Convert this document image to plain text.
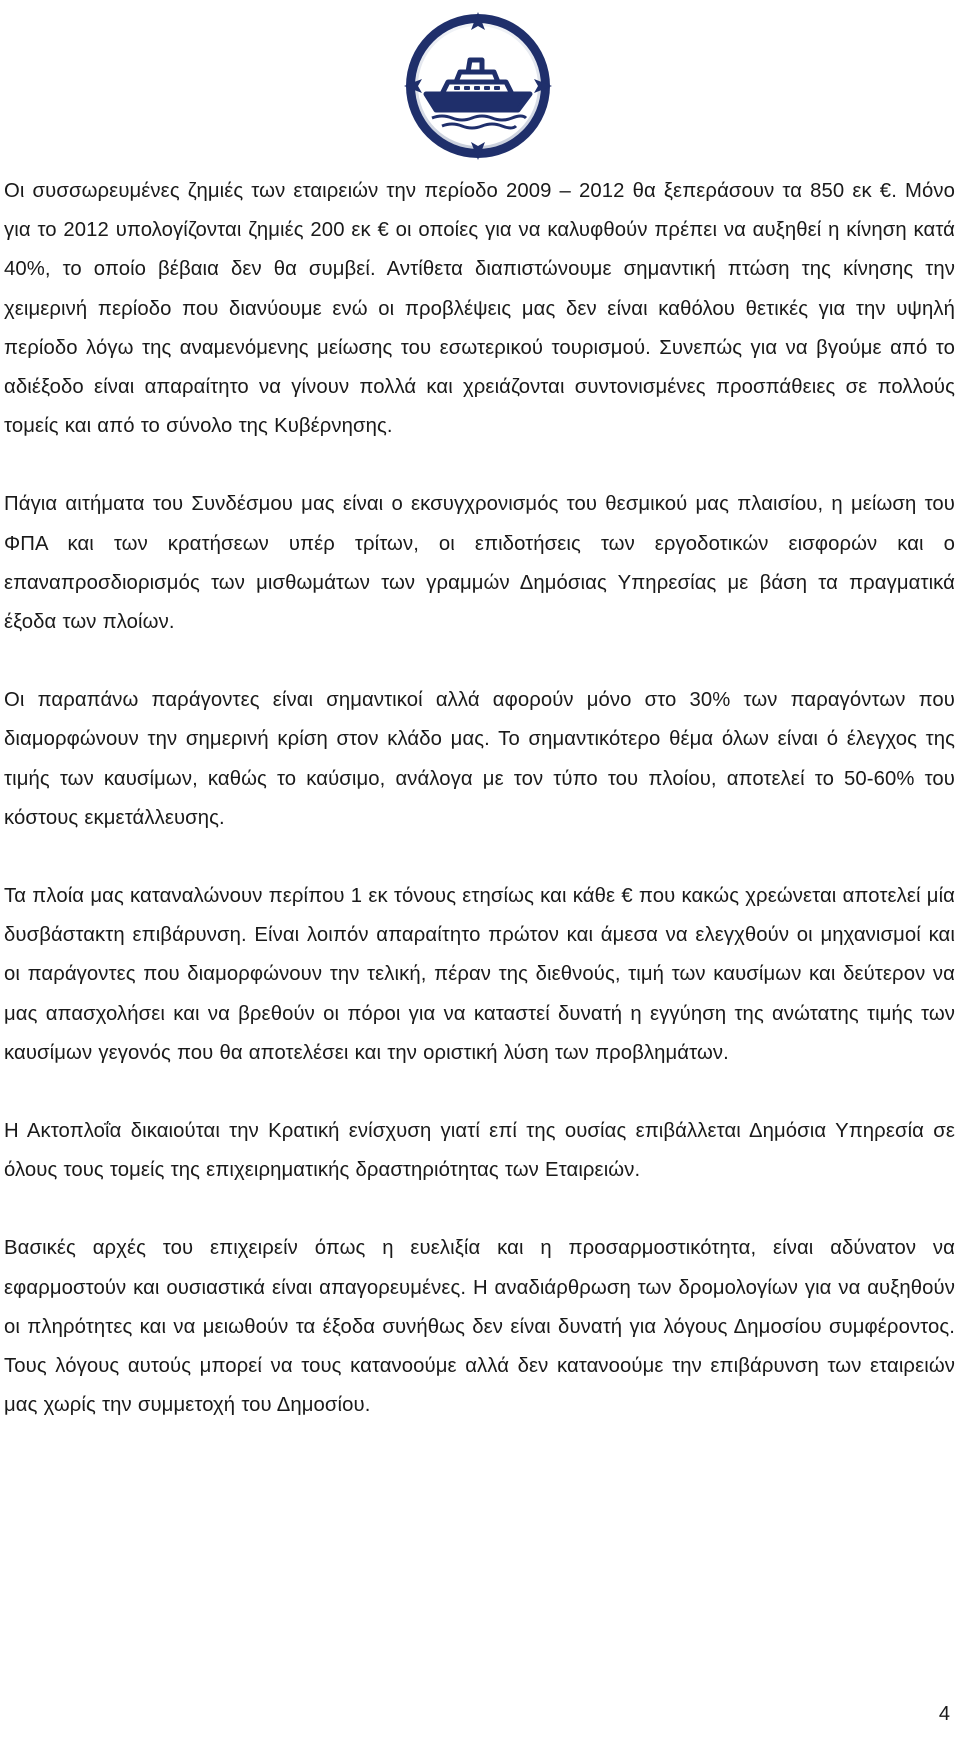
Οι συσσωρευμένες ζημιές των εταιρειών την περίοδο 2009 – 2012 θα ξεπεράσουν τα 850 εκ €. Μόνο για το 2012 υπολογίζονται ζημιές 200 εκ € οι οποίες για να καλυφθούν πρέπει να αυξηθεί η κίνηση κατά 40%, το οποίο βέβαια δεν θα συμβεί. Αντίθετα διαπιστώνουμε σημαντική πτώση της κίνησης την χειμερινή περίοδο που διανύουμε ενώ οι προβλέψεις μας δεν είναι καθόλου θετικές για την υψηλή περίοδο λόγω της αναμενόμενης μείωσης του εσωτερικού τουρισμού. Συνεπώς για να βγούμε από το αδιέξοδο είναι απαραίτητο να γίνουν πολλά και χρειάζονται συντονισμένες προσπάθειες σε πολλούς τομείς και από το σύνολο της Κυβέρνησης.

Πάγια αιτήματα του Συνδέσμου μας είναι ο εκσυγχρονισμός του θεσμικού μας πλαισίου, η μείωση του ΦΠΑ και των κρατήσεων υπέρ τρίτων, οι επιδοτήσεις των εργοδοτικών εισφορών και ο επαναπροσδιορισμός των μισθωμάτων των γραμμών Δημόσιας Υπηρεσίας με βάση τα πραγματικά έξοδα των πλοίων.

Οι παραπάνω παράγοντες είναι σημαντικοί αλλά αφορούν μόνο στο 30% των παραγόντων που διαμορφώνουν την σημερινή κρίση στον κλάδο μας. Το σημαντικότερο θέμα όλων είναι ό έλεγχος της τιμής των καυσίμων, καθώς το καύσιμο, ανάλογα με τον τύπο του πλοίου, αποτελεί το 50-60% του κόστους εκμετάλλευσης.

Τα πλοία μας καταναλώνουν περίπου 1 εκ τόνους ετησίως και κάθε € που κακώς χρεώνεται αποτελεί μία δυσβάστακτη επιβάρυνση. Είναι λοιπόν απαραίτητο πρώτον και άμεσα να ελεγχθούν οι μηχανισμοί και οι παράγοντες που διαμορφώνουν την τελική, πέραν της διεθνούς, τιμή των καυσίμων και δεύτερον να μας απασχολήσει και να βρεθούν οι πόροι για να καταστεί δυνατή η εγγύηση της ανώτατης τιμής των καυσίμων γεγονός που θα αποτελέσει και την οριστική λύση των προβλημάτων.

Η Ακτοπλοΐα δικαιούται την Κρατική ενίσχυση γιατί επί της ουσίας επιβάλλεται Δημόσια Υπηρεσία σε όλους τους τομείς της επιχειρηματικής δραστηριότητας των Εταιρειών.

Βασικές αρχές του επιχειρείν όπως η ευελιξία και η προσαρμοστικότητα, είναι αδύνατον να εφαρμοστούν και ουσιαστικά είναι απαγορευμένες. Η αναδιάρθρωση των δρομολογίων για να αυξηθούν οι πληρότητες και να μειωθούν τα έξοδα συνήθως δεν είναι δυνατή για λόγους Δημοσίου συμφέροντος. Τους λόγους αυτούς μπορεί να τους κατανοούμε αλλά δεν κατανοούμε την επιβάρυνση των εταιρειών μας χωρίς την συμμετοχή του Δημοσίου.

4
